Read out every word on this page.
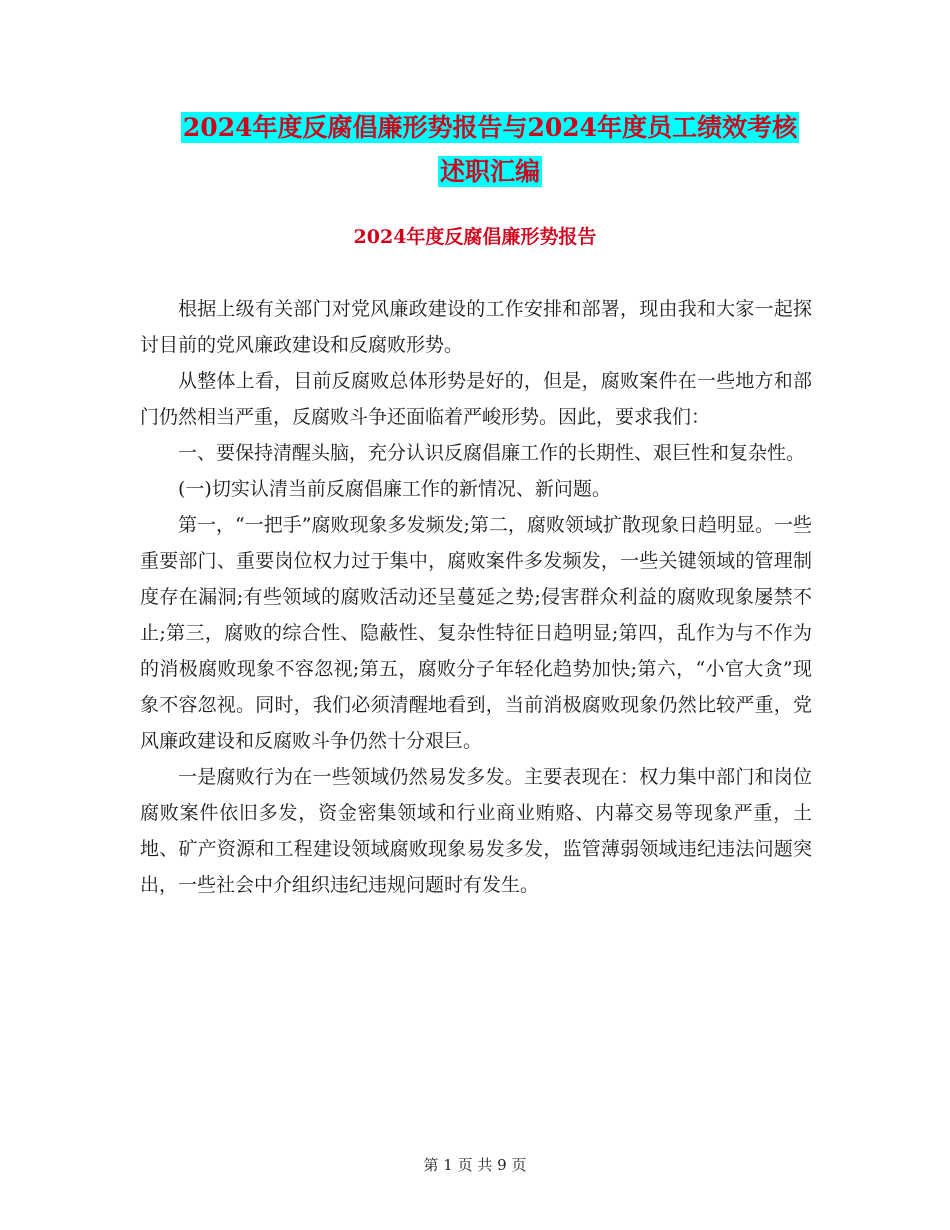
2024年度反腐倡廉形势报告与2024年度员工绩效考核
述职汇编
2024年度反腐倡廉形势报告

根据上级有关部门对党风廉政建设的工作安排和部署，现由我和大家一起探讨目前的党风廉政建设和反腐败形势。

从整体上看，目前反腐败总体形势是好的，但是，腐败案件在一些地方和部门仍然相当严重，反腐败斗争还面临着严峻形势。因此，要求我们：

一、要保持清醒头脑，充分认识反腐倡廉工作的长期性、艰巨性和复杂性。

(一)切实认清当前反腐倡廉工作的新情况、新问题。

第一，“一把手”腐败现象多发频发;第二，腐败领域扩散现象日趋明显。一些重要部门、重要岗位权力过于集中，腐败案件多发频发，一些关键领域的管理制度存在漏洞;有些领域的腐败活动还呈蔓延之势;侵害群众利益的腐败现象屡禁不止;第三，腐败的综合性、隐蔽性、复杂性特征日趋明显;第四，乱作为与不作为的消极腐败现象不容忽视;第五，腐败分子年轻化趋势加快;第六，“小官大贪”现象不容忽视。同时，我们必须清醒地看到，当前消极腐败现象仍然比较严重，党风廉政建设和反腐败斗争仍然十分艰巨。

一是腐败行为在一些领域仍然易发多发。主要表现在：权力集中部门和岗位腐败案件依旧多发，资金密集领域和行业商业贿赂、内幕交易等现象严重，土地、矿产资源和工程建设领域腐败现象易发多发，监管薄弱领域违纪违法问题突出，一些社会中介组织违纪违规问题时有发生。

第 1 页 共 9 页
